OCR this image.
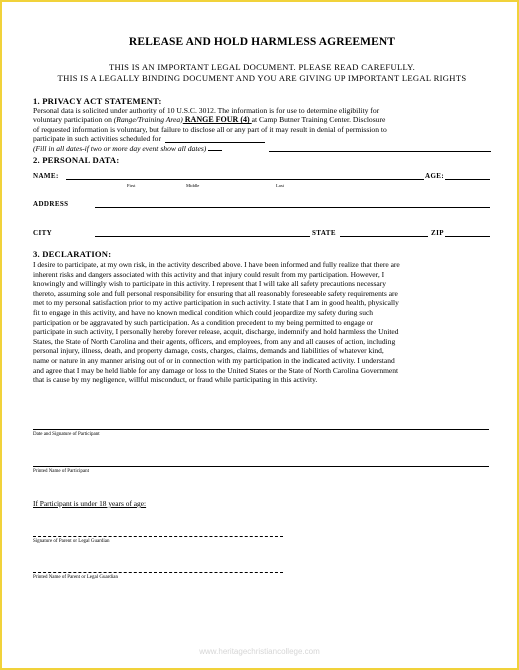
RELEASE AND HOLD HARMLESS AGREEMENT
THIS IS AN IMPORTANT LEGAL DOCUMENT. PLEASE READ CAREFULLY.
THIS IS A LEGALLY BINDING DOCUMENT AND YOU ARE GIVING UP IMPORTANT LEGAL RIGHTS
1. PRIVACY ACT STATEMENT:
Personal data is solicited under authority of 10 U.S.C. 3012. The information is for use to determine eligibility for
voluntary participation on (Range/Training Area) RANGE FOUR (4) at Camp Butner Training Center. Disclosure
of requested information is voluntary, but failure to disclose all or any part of it may result in denial of permission to
participate in such activities scheduled for
(Fill in all dates-if two or more day event show all dates)
2. PERSONAL DATA:
NAME:	AGE:
First	Middle	Last
ADDRESS
CITY	STATE	ZIP
3. DECLARATION:
I desire to participate, at my own risk, in the activity described above. I have been informed and fully realize that there are
inherent risks and dangers associated with this activity and that injury could result from my participation. However, I
knowingly and willingly wish to participate in this activity. I represent that I will take all safety precautions necessary
thereto, assuming sole and full personal responsibility for ensuring that all reasonably foreseeable safety requirements are
met to my personal satisfaction prior to my active participation in such activity. I state that I am in good health, physically
fit to engage in this activity, and have no known medical condition which could jeopardize my safety during such
participation or be aggravated by such participation. As a condition precedent to my being permitted to engage or
participate in such activity, I personally hereby forever release, acquit, discharge, indemnify and hold harmless the United
States, the State of North Carolina and their agents, officers, and employees, from any and all causes of action, including
personal injury, illness, death, and property damage, costs, charges, claims, demands and liabilities of whatever kind,
name or nature in any manner arising out of or in connection with my participation in the indicated activity. I understand
and agree that I may be held liable for any damage or loss to the United States or the State of North Carolina Government
that is cause by my negligence, willful misconduct, or fraud while participating in this activity.
Date and Signature of Participant
Printed Name of Participant
If Participant is under 18 years of age:
Signature of Parent or Legal Guardian
Printed Name of Parent or Legal Guardian
www.heritagechristiancollege.com
